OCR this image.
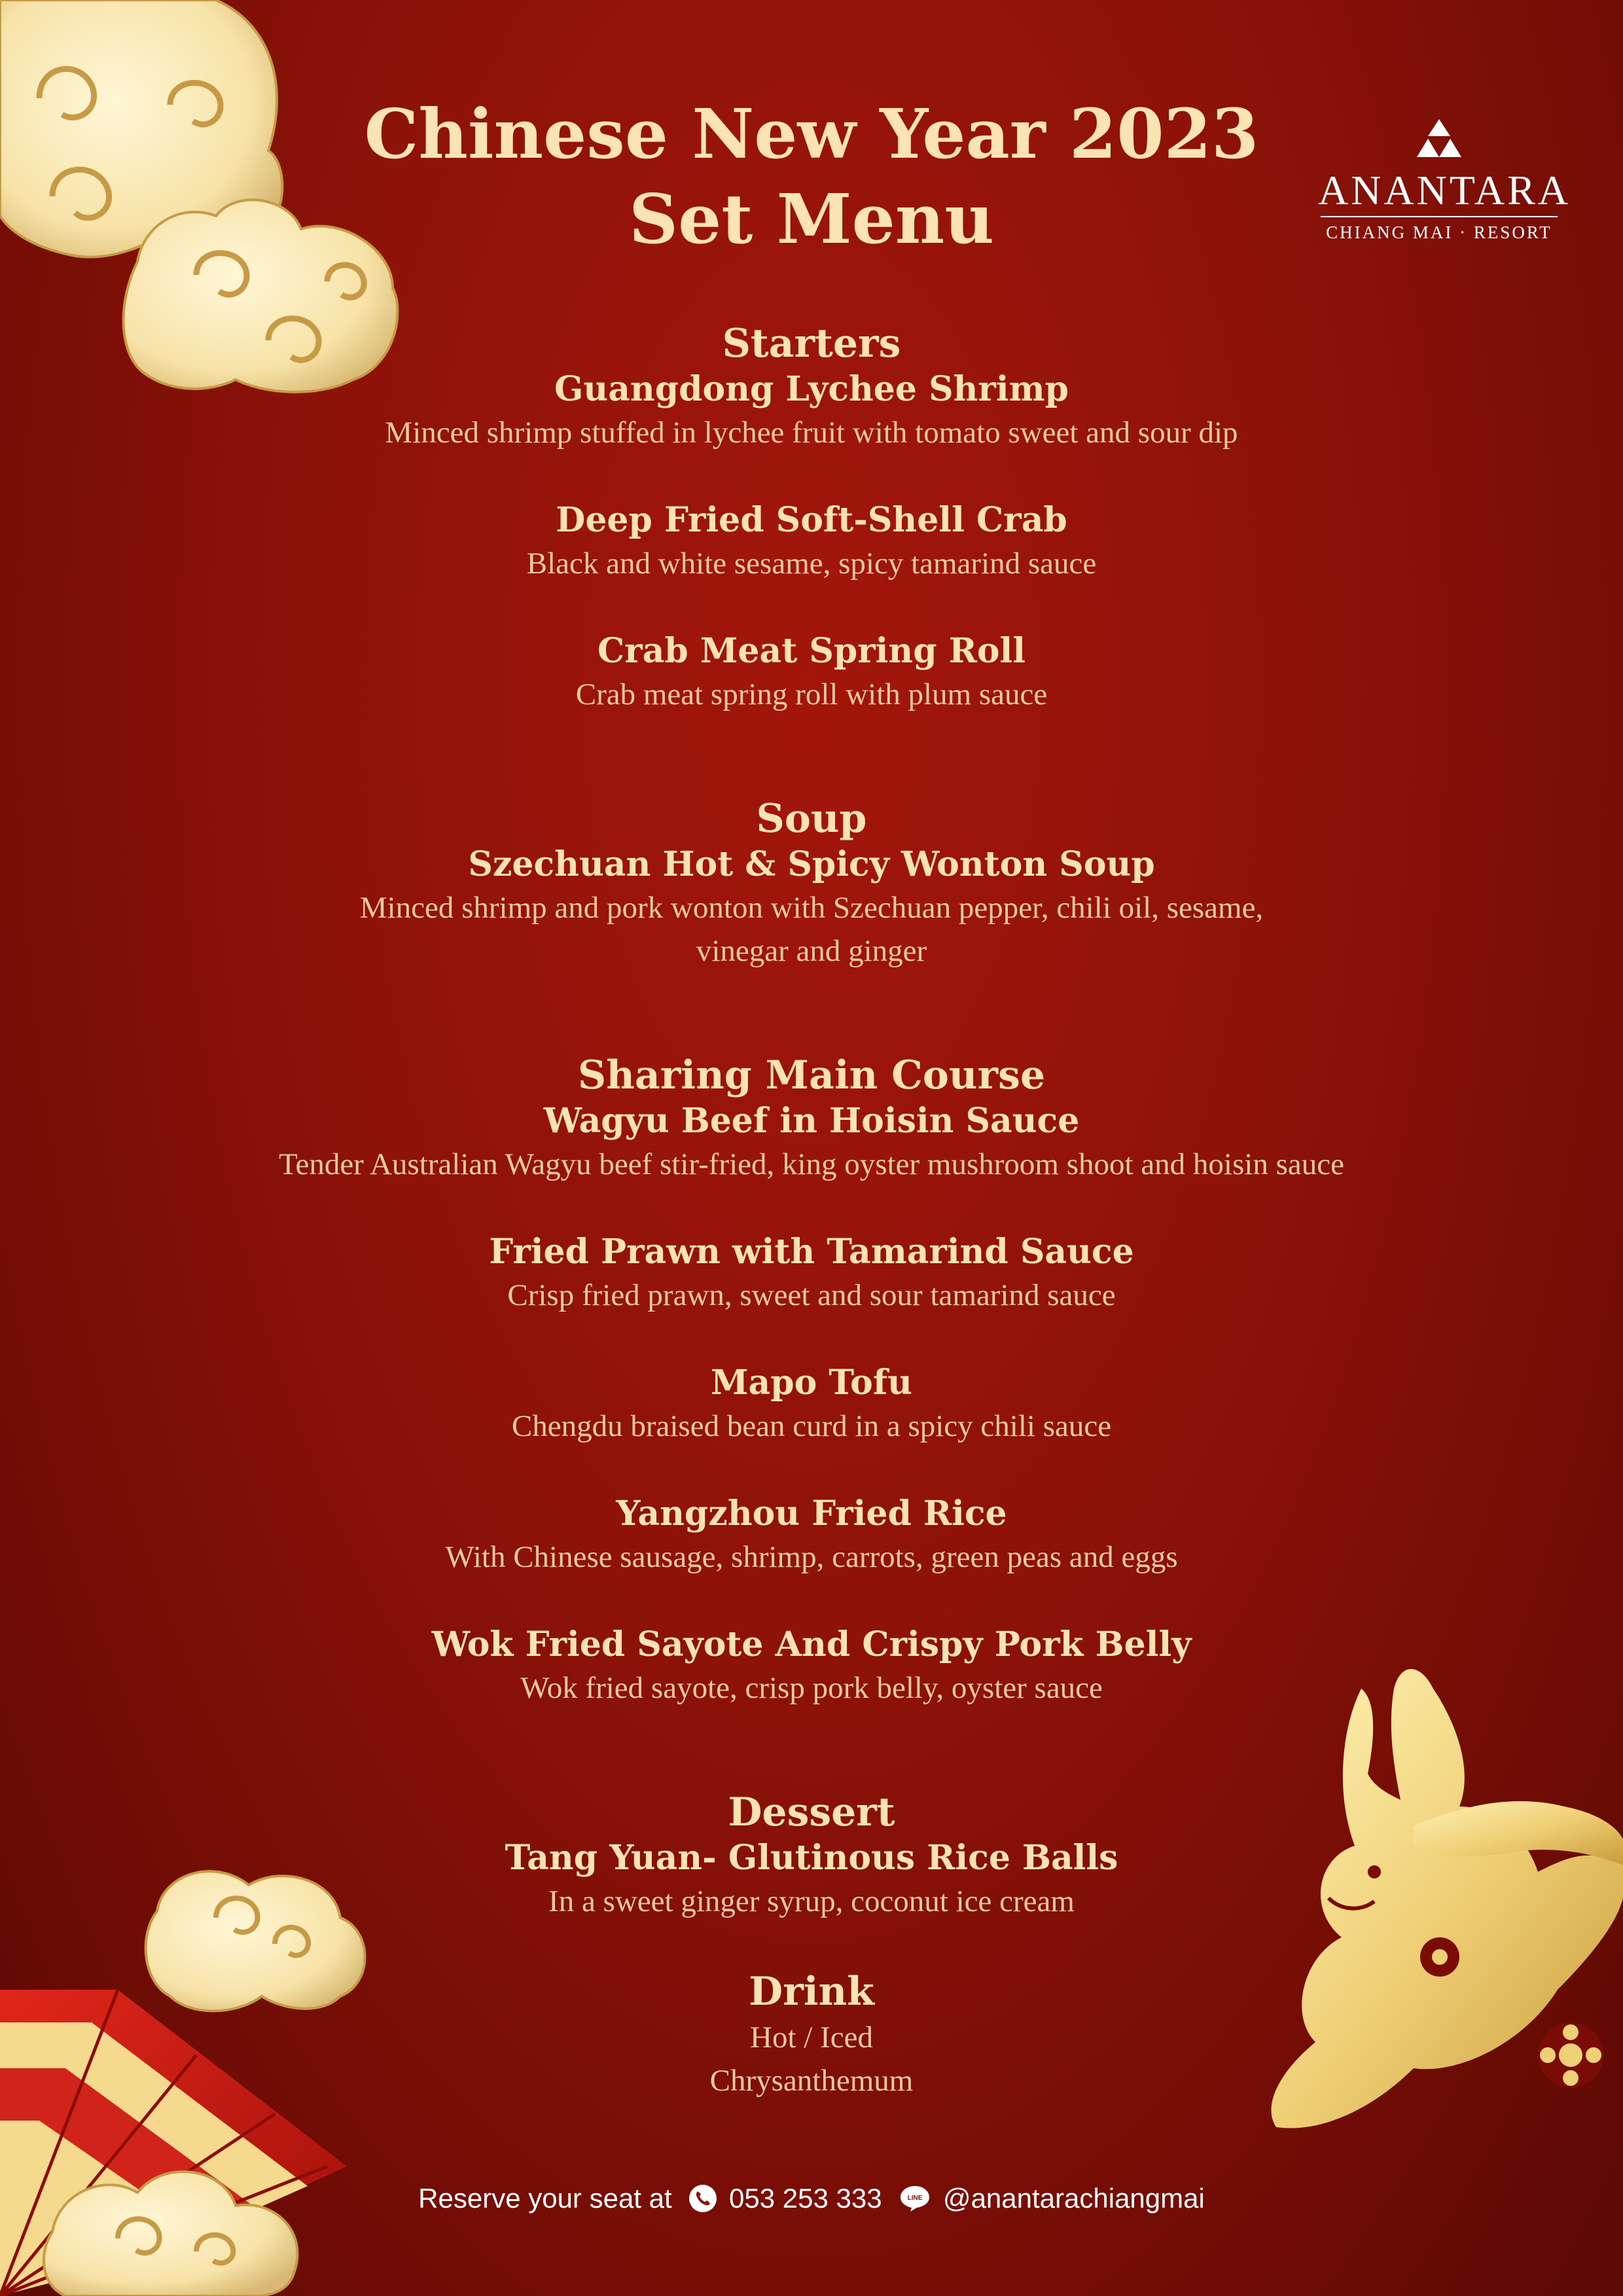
ANANTARA
CHIANG MAI · RESORT
Chinese New Year 2023
Set Menu
Starters
Guangdong Lychee Shrimp
Minced shrimp stuffed in lychee fruit with tomato sweet and sour dip
Deep Fried Soft-Shell Crab
Black and white sesame, spicy tamarind sauce
Crab Meat Spring Roll
Crab meat spring roll with plum sauce
Soup
Szechuan Hot & Spicy Wonton Soup
Minced shrimp and pork wonton with Szechuan pepper, chili oil, sesame,
vinegar and ginger
Sharing Main Course
Wagyu Beef in Hoisin Sauce
Tender Australian Wagyu beef stir-fried, king oyster mushroom shoot and hoisin sauce
Fried Prawn with Tamarind Sauce
Crisp fried prawn, sweet and sour tamarind sauce
Mapo Tofu
Chengdu braised bean curd in a spicy chili sauce
Yangzhou Fried Rice
With Chinese sausage, shrimp, carrots, green peas and eggs
Wok Fried Sayote And Crispy Pork Belly
Wok fried sayote, crisp pork belly, oyster sauce
Dessert
Tang Yuan- Glutinous Rice Balls
In a sweet ginger syrup, coconut ice cream
Drink
Hot / Iced
Chrysanthemum
Reserve your seat at 053 253 333	LINE @anantarachiangmai
